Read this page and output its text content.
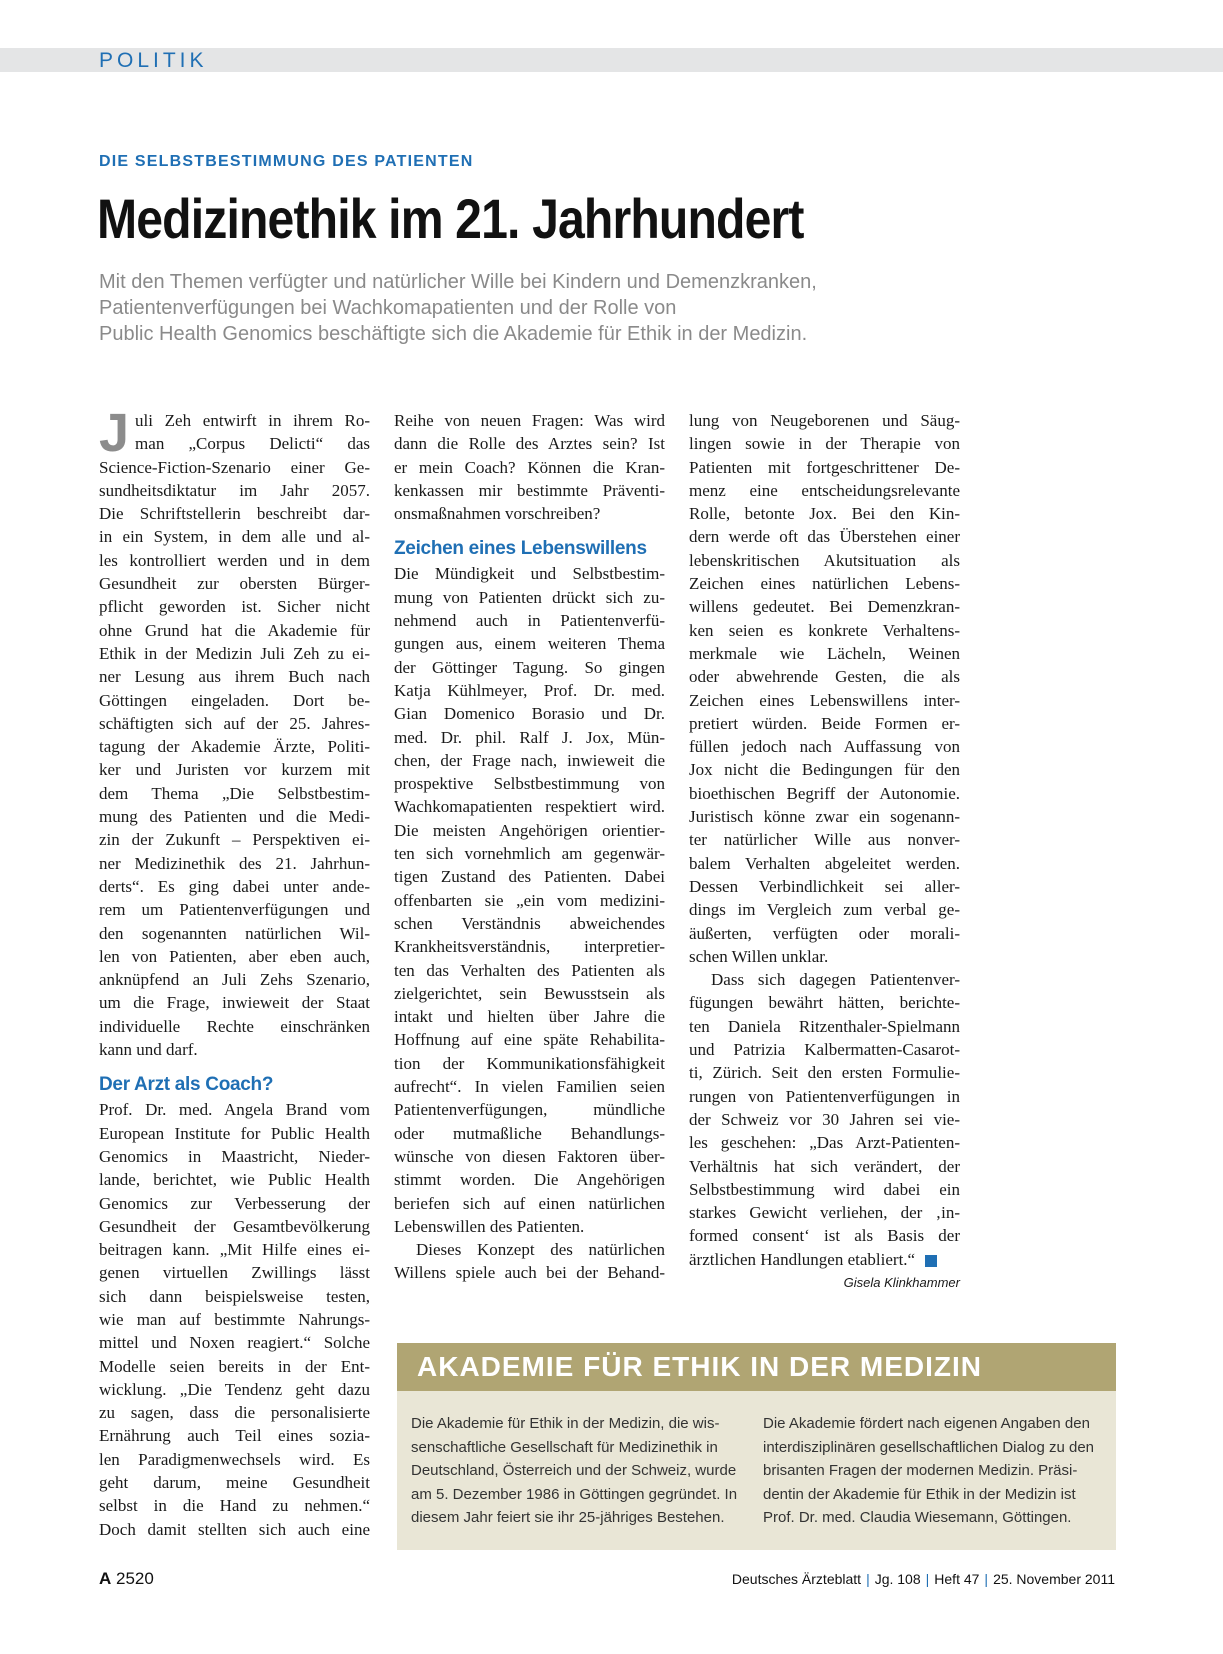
POLITIK
DIE SELBSTBESTIMMUNG DES PATIENTEN
Medizinethik im 21. Jahrhundert
Mit den Themen verfügter und natürlicher Wille bei Kindern und Demenzkranken,
Patientenverfügungen bei Wachkomapatienten und der Rolle von
Public Health Genomics beschäftigte sich die Akademie für Ethik in der Medizin.
J uli Zeh entwirft in ihrem Ro-
man „Corpus Delicti“ das
Science-Fiction-Szenario einer Ge-
sundheitsdiktatur im Jahr 2057.
Die Schriftstellerin beschreibt dar-
in ein System, in dem alle und al-
les kontrolliert werden und in dem
Gesundheit zur obersten Bürger-
pflicht geworden ist. Sicher nicht
ohne Grund hat die Akademie für
Ethik in der Medizin Juli Zeh zu ei-
ner Lesung aus ihrem Buch nach
Göttingen eingeladen. Dort be-
schäftigten sich auf der 25. Jahres-
tagung der Akademie Ärzte, Politi-
ker und Juristen vor kurzem mit
dem Thema „Die Selbstbestim-
mung des Patienten und die Medi-
zin der Zukunft – Perspektiven ei-
ner Medizinethik des 21. Jahrhun-
derts“. Es ging dabei unter ande-
rem um Patientenverfügungen und
den sogenannten natürlichen Wil-
len von Patienten, aber eben auch,
anknüpfend an Juli Zehs Szenario,
um die Frage, inwieweit der Staat
individuelle Rechte einschränken
kann und darf.

Der Arzt als Coach?

Prof. Dr. med. Angela Brand vom
European Institute for Public Health
Genomics in Maastricht, Nieder-
lande, berichtet, wie Public Health
Genomics zur Verbesserung der
Gesundheit der Gesamtbevölkerung
beitragen kann. „Mit Hilfe eines ei-
genen virtuellen Zwillings lässt
sich dann beispielsweise testen,
wie man auf bestimmte Nahrungs-
mittel und Noxen reagiert.“ Solche
Modelle seien bereits in der Ent-
wicklung. „Die Tendenz geht dazu
zu sagen, dass die personalisierte
Ernährung auch Teil eines sozia-
len Paradigmenwechsels wird. Es
geht darum, meine Gesundheit
selbst in die Hand zu nehmen.“
Doch damit stellten sich auch eine

Reihe von neuen Fragen: Was wird
dann die Rolle des Arztes sein? Ist
er mein Coach? Können die Kran-
kenkassen mir bestimmte Präventi-
onsmaßnahmen vorschreiben?

Zeichen eines Lebenswillens

Die Mündigkeit und Selbstbestim-
mung von Patienten drückt sich zu-
nehmend auch in Patientenverfü-
gungen aus, einem weiteren Thema
der Göttinger Tagung. So gingen
Katja Kühlmeyer, Prof. Dr. med.
Gian Domenico Borasio und Dr.
med. Dr. phil. Ralf J. Jox, Mün-
chen, der Frage nach, inwieweit die
prospektive Selbstbestimmung von
Wachkomapatienten respektiert wird.
Die meisten Angehörigen orientier-
ten sich vornehmlich am gegenwär-
tigen Zustand des Patienten. Dabei
offenbarten sie „ein vom medizini-
schen Verständnis abweichendes
Krankheitsverständnis, interpretier-
ten das Verhalten des Patienten als
zielgerichtet, sein Bewusstsein als
intakt und hielten über Jahre die
Hoffnung auf eine späte Rehabilita-
tion der Kommunikationsfähigkeit
aufrecht“. In vielen Familien seien
Patientenverfügungen, mündliche
oder mutmaßliche Behandlungs-
wünsche von diesen Faktoren über-
stimmt worden. Die Angehörigen
beriefen sich auf einen natürlichen
Lebenswillen des Patienten.

Dieses Konzept des natürlichen
Willens spiele auch bei der Behand-

lung von Neugeborenen und Säug-
lingen sowie in der Therapie von
Patienten mit fortgeschrittener De-
menz eine entscheidungsrelevante
Rolle, betonte Jox. Bei den Kin-
dern werde oft das Überstehen einer
lebenskritischen Akutsituation als
Zeichen eines natürlichen Lebens-
willens gedeutet. Bei Demenzkran-
ken seien es konkrete Verhaltens-
merkmale wie Lächeln, Weinen
oder abwehrende Gesten, die als
Zeichen eines Lebenswillens inter-
pretiert würden. Beide Formen er-
füllen jedoch nach Auffassung von
Jox nicht die Bedingungen für den
bioethischen Begriff der Autonomie.
Juristisch könne zwar ein sogenann-
ter natürlicher Wille aus nonver-
balem Verhalten abgeleitet werden.
Dessen Verbindlichkeit sei aller-
dings im Vergleich zum verbal ge-
äußerten, verfügten oder morali-
schen Willen unklar.

Dass sich dagegen Patientenver-
fügungen bewährt hätten, berichte-
ten Daniela Ritzenthaler-Spielmann
und Patrizia Kalbermatten-Casarot-
ti, Zürich. Seit den ersten Formulie-
rungen von Patientenverfügungen in
der Schweiz vor 30 Jahren sei vie-
les geschehen: „Das Arzt-Patienten-
Verhältnis hat sich verändert, der
Selbstbestimmung wird dabei ein
starkes Gewicht verliehen, der ‚in-
formed consent‘ ist als Basis der
ärztlichen Handlungen etabliert.“

Gisela Klinkhammer
AKADEMIE FÜR ETHIK IN DER MEDIZIN
Die Akademie für Ethik in der Medizin, die wis-
senschaftliche Gesellschaft für Medizinethik in
Deutschland, Österreich und der Schweiz, wurde
am 5. Dezember 1986 in Göttingen gegründet. In
diesem Jahr feiert sie ihr 25-jähriges Bestehen.
Die Akademie fördert nach eigenen Angaben den
interdisziplinären gesellschaftlichen Dialog zu den
brisanten Fragen der modernen Medizin. Präsi-
dentin der Akademie für Ethik in der Medizin ist
Prof. Dr. med. Claudia Wiesemann, Göttingen.
A 2520	Deutsches Ärzteblatt | Jg. 108 | Heft 47 | 25. November 2011
